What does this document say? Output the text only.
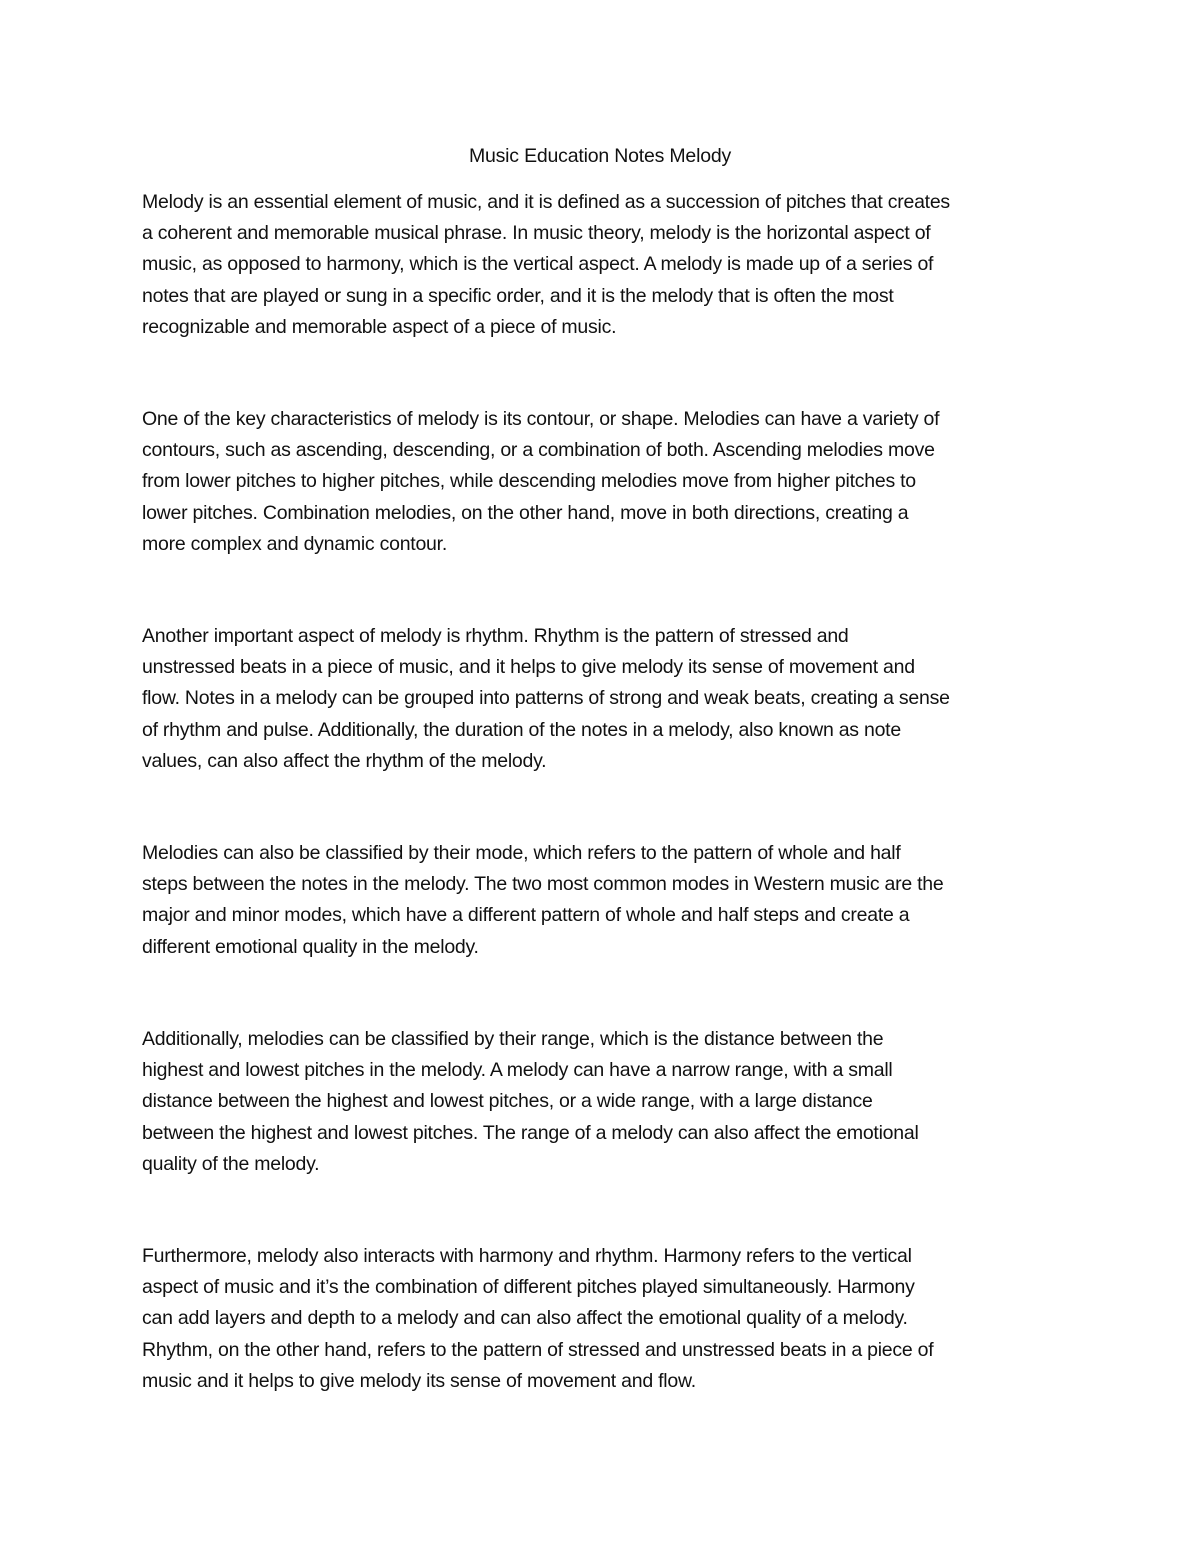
Music Education Notes Melody

Melody is an essential element of music, and it is defined as a succession of pitches that creates
a coherent and memorable musical phrase. In music theory, melody is the horizontal aspect of
music, as opposed to harmony, which is the vertical aspect. A melody is made up of a series of
notes that are played or sung in a specific order, and it is the melody that is often the most
recognizable and memorable aspect of a piece of music.

One of the key characteristics of melody is its contour, or shape. Melodies can have a variety of
contours, such as ascending, descending, or a combination of both. Ascending melodies move
from lower pitches to higher pitches, while descending melodies move from higher pitches to
lower pitches. Combination melodies, on the other hand, move in both directions, creating a
more complex and dynamic contour.

Another important aspect of melody is rhythm. Rhythm is the pattern of stressed and
unstressed beats in a piece of music, and it helps to give melody its sense of movement and
flow. Notes in a melody can be grouped into patterns of strong and weak beats, creating a sense
of rhythm and pulse. Additionally, the duration of the notes in a melody, also known as note
values, can also affect the rhythm of the melody.

Melodies can also be classified by their mode, which refers to the pattern of whole and half
steps between the notes in the melody. The two most common modes in Western music are the
major and minor modes, which have a different pattern of whole and half steps and create a
different emotional quality in the melody.

Additionally, melodies can be classified by their range, which is the distance between the
highest and lowest pitches in the melody. A melody can have a narrow range, with a small
distance between the highest and lowest pitches, or a wide range, with a large distance
between the highest and lowest pitches. The range of a melody can also affect the emotional
quality of the melody.

Furthermore, melody also interacts with harmony and rhythm. Harmony refers to the vertical
aspect of music and it’s the combination of different pitches played simultaneously. Harmony
can add layers and depth to a melody and can also affect the emotional quality of a melody.
Rhythm, on the other hand, refers to the pattern of stressed and unstressed beats in a piece of
music and it helps to give melody its sense of movement and flow.
